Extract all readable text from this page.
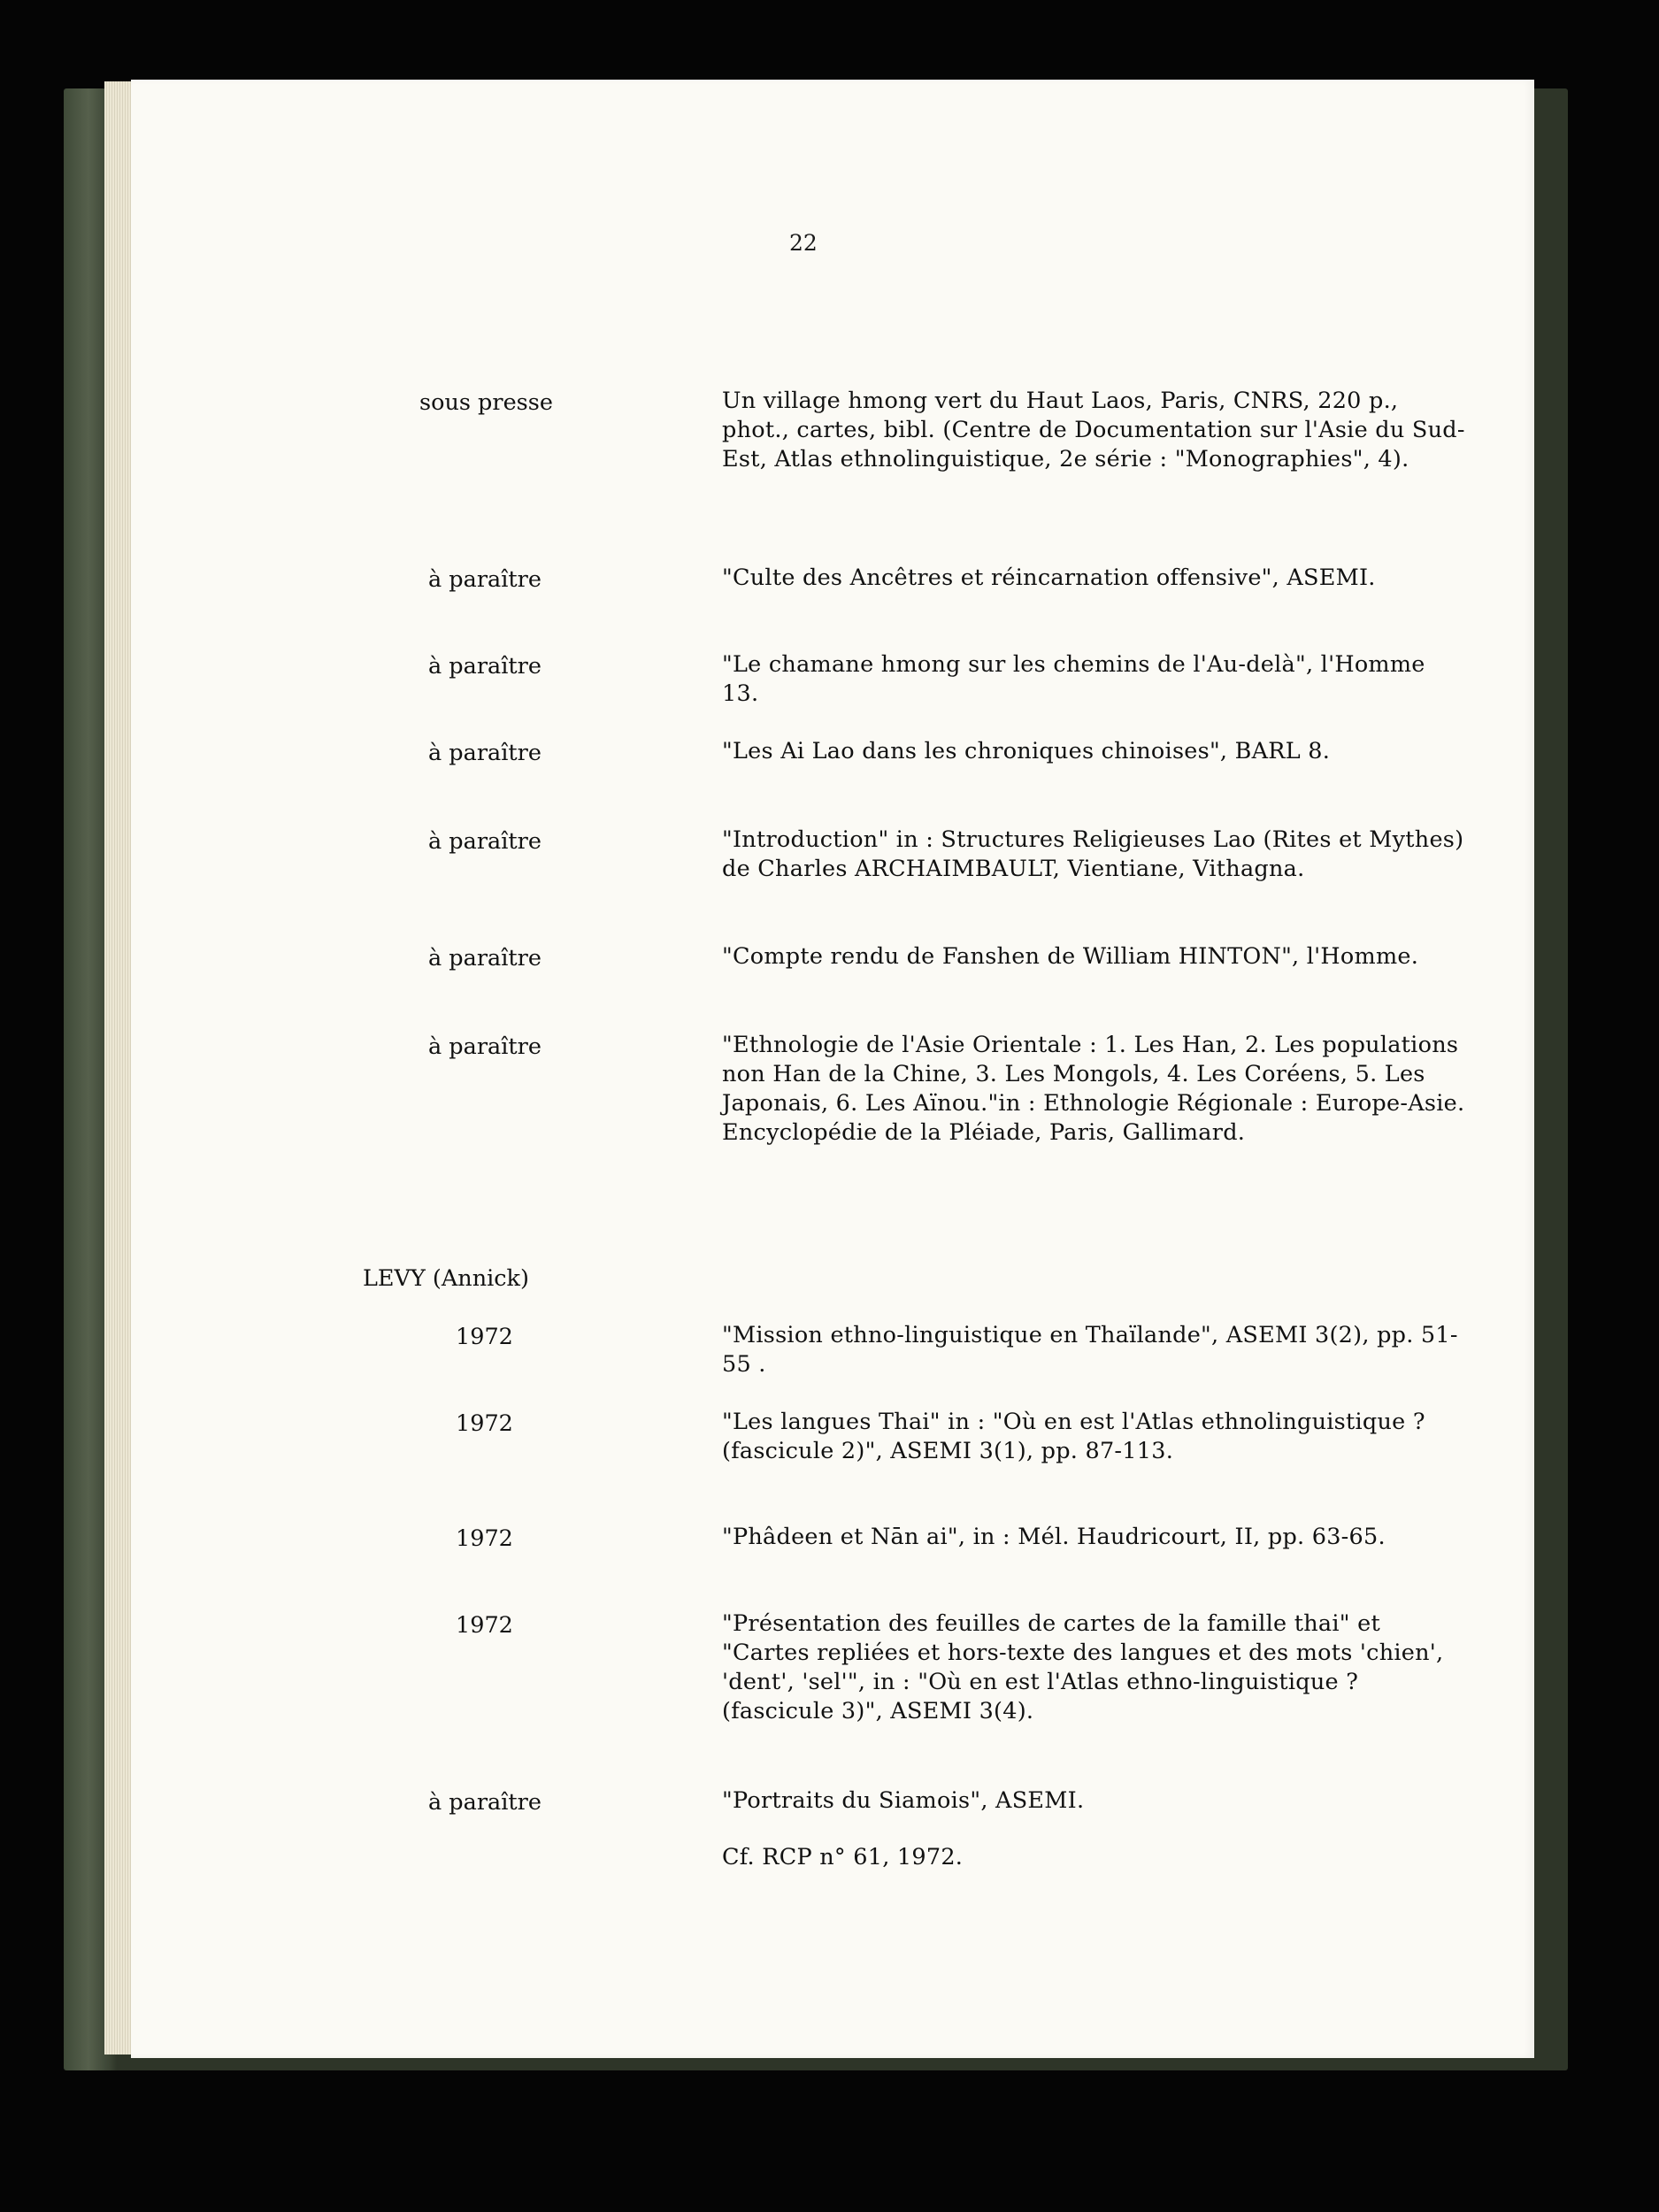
22
sous presse	Un village hmong vert du Haut Laos, Paris, CNRS, 220 p., phot., cartes, bibl. (Centre de Documentation sur l'Asie du Sud-Est, Atlas ethnolinguistique, 2e série : "Monographies", 4).
à paraître	"Culte des Ancêtres et réincarnation offensive", ASEMI.
à paraître	"Le chamane hmong sur les chemins de l'Au-delà", l'Homme 13.
à paraître	"Les Ai Lao dans les chroniques chinoises", BARL 8.
à paraître	"Introduction" in : Structures Religieuses Lao (Rites et Mythes) de Charles ARCHAIMBAULT, Vientiane, Vithagna.
à paraître	"Compte rendu de Fanshen de William HINTON", l'Homme.
à paraître	"Ethnologie de l'Asie Orientale : 1. Les Han, 2. Les populations non Han de la Chine, 3. Les Mongols, 4. Les Coréens, 5. Les Japonais, 6. Les Aïnou."in : Ethnologie Régionale : Europe-Asie. Encyclopédie de la Pléiade, Paris, Gallimard.
1972	"Mission ethno-linguistique en Thaïlande", ASEMI 3(2), pp. 51-55 .
1972	"Les langues Thai" in : "Où en est l'Atlas ethnolinguistique ? (fascicule 2)", ASEMI 3(1), pp. 87-113.
1972	"Phâdeen et Nān ai", in : Mél. Haudricourt, II, pp. 63-65.
1972	"Présentation des feuilles de cartes de la famille thai" et "Cartes repliées et hors-texte des langues et des mots 'chien', 'dent', 'sel'", in : "Où en est l'Atlas ethno-linguistique ? (fascicule 3)", ASEMI 3(4).
à paraître	"Portraits du Siamois", ASEMI.
Cf. RCP n° 61, 1972.
LEVY (Annick)
